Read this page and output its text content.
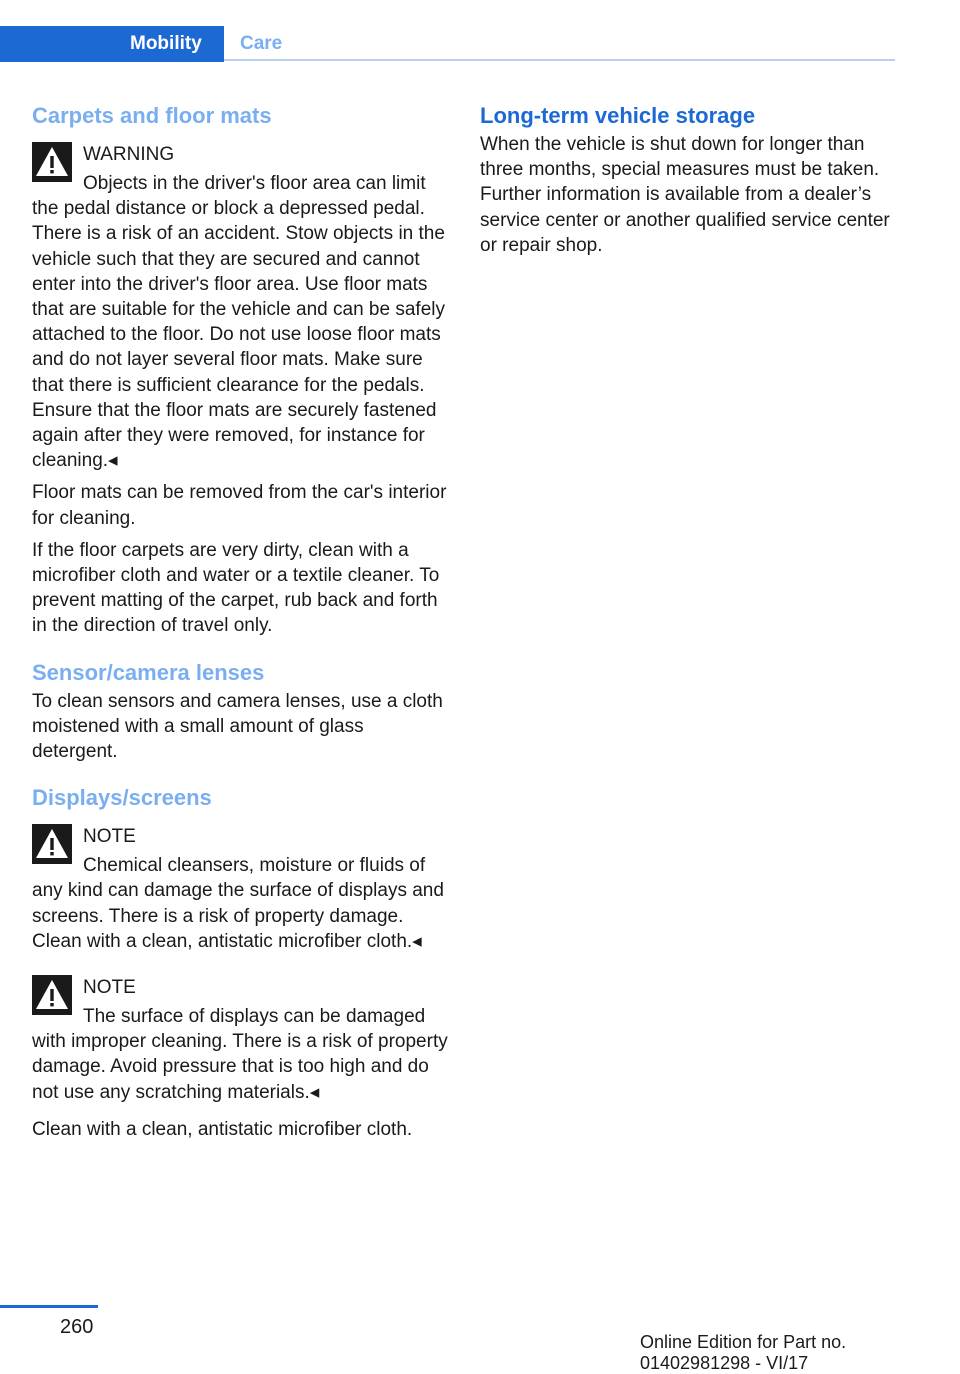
Mobility	Care
Carpets and floor mats
WARNING

Objects in the driver's floor area can limit the pedal distance or block a depressed pedal. There is a risk of an accident. Stow objects in the vehicle such that they are secured and cannot enter into the driver's floor area. Use floor mats that are suitable for the vehicle and can be safely attached to the floor. Do not use loose floor mats and do not layer several floor mats. Make sure that there is sufficient clearance for the pedals. Ensure that the floor mats are securely fastened again after they were removed, for instance for cleaning.◂

Floor mats can be removed from the car's interior for cleaning.

If the floor carpets are very dirty, clean with a microfiber cloth and water or a textile cleaner. To prevent matting of the carpet, rub back and forth in the direction of travel only.

Sensor/camera lenses

To clean sensors and camera lenses, use a cloth moistened with a small amount of glass detergent.

Displays/screens
NOTE

Chemical cleansers, moisture or fluids of any kind can damage the surface of displays and screens. There is a risk of property damage. Clean with a clean, antistatic microfiber cloth.◂

NOTE

The surface of displays can be damaged with improper cleaning. There is a risk of property damage. Avoid pressure that is too high and do not use any scratching materials.◂

Clean with a clean, antistatic microfiber cloth.

Long-term vehicle storage

When the vehicle is shut down for longer than three months, special measures must be taken. Further information is available from a dealer’s service center or another qualified service center or repair shop.

260
Online Edition for Part no. 01402981298 - VI/17
